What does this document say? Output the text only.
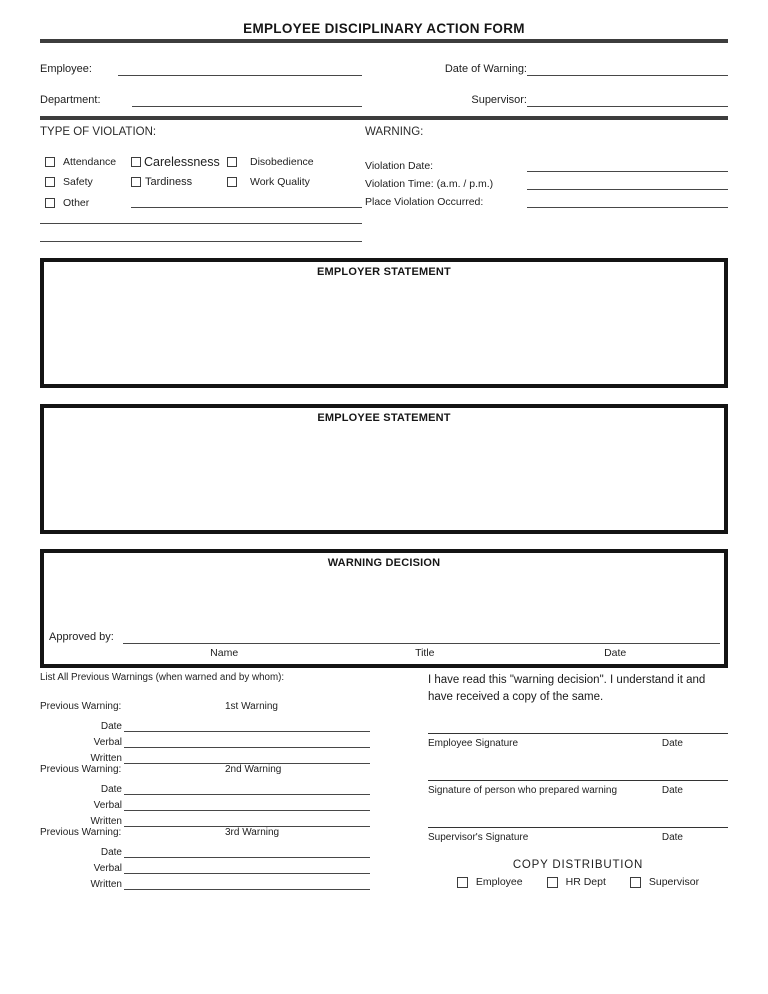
EMPLOYEE DISCIPLINARY ACTION FORM
Employee:	Date of Warning:
Department:	Supervisor:
TYPE OF VIOLATION:
Attendance Carelessness	Disobedience
Safety	Tardiness	Work Quality
Other
WARNING:
Violation Date:
Violation Time: (a.m. / p.m.)
Place Violation Occurred:
EMPLOYER STATEMENT
EMPLOYEE STATEMENT
WARNING DECISION
Approved by:
Name	Title	Date
List All Previous Warnings (when warned and by whom):
Previous Warning:	1st Warning
Date
Verbal
Written
Previous Warning:	2nd Warning
Date
Verbal
Written
Previous Warning:	3rd Warning
Date
Verbal
Written
I have read this "warning decision". I understand it and have received a copy of the same.
Employee Signature	Date
Signature of person who prepared warning	Date
Supervisor's Signature	Date
COPY DISTRIBUTION
Employee	HR Dept	Supervisor
